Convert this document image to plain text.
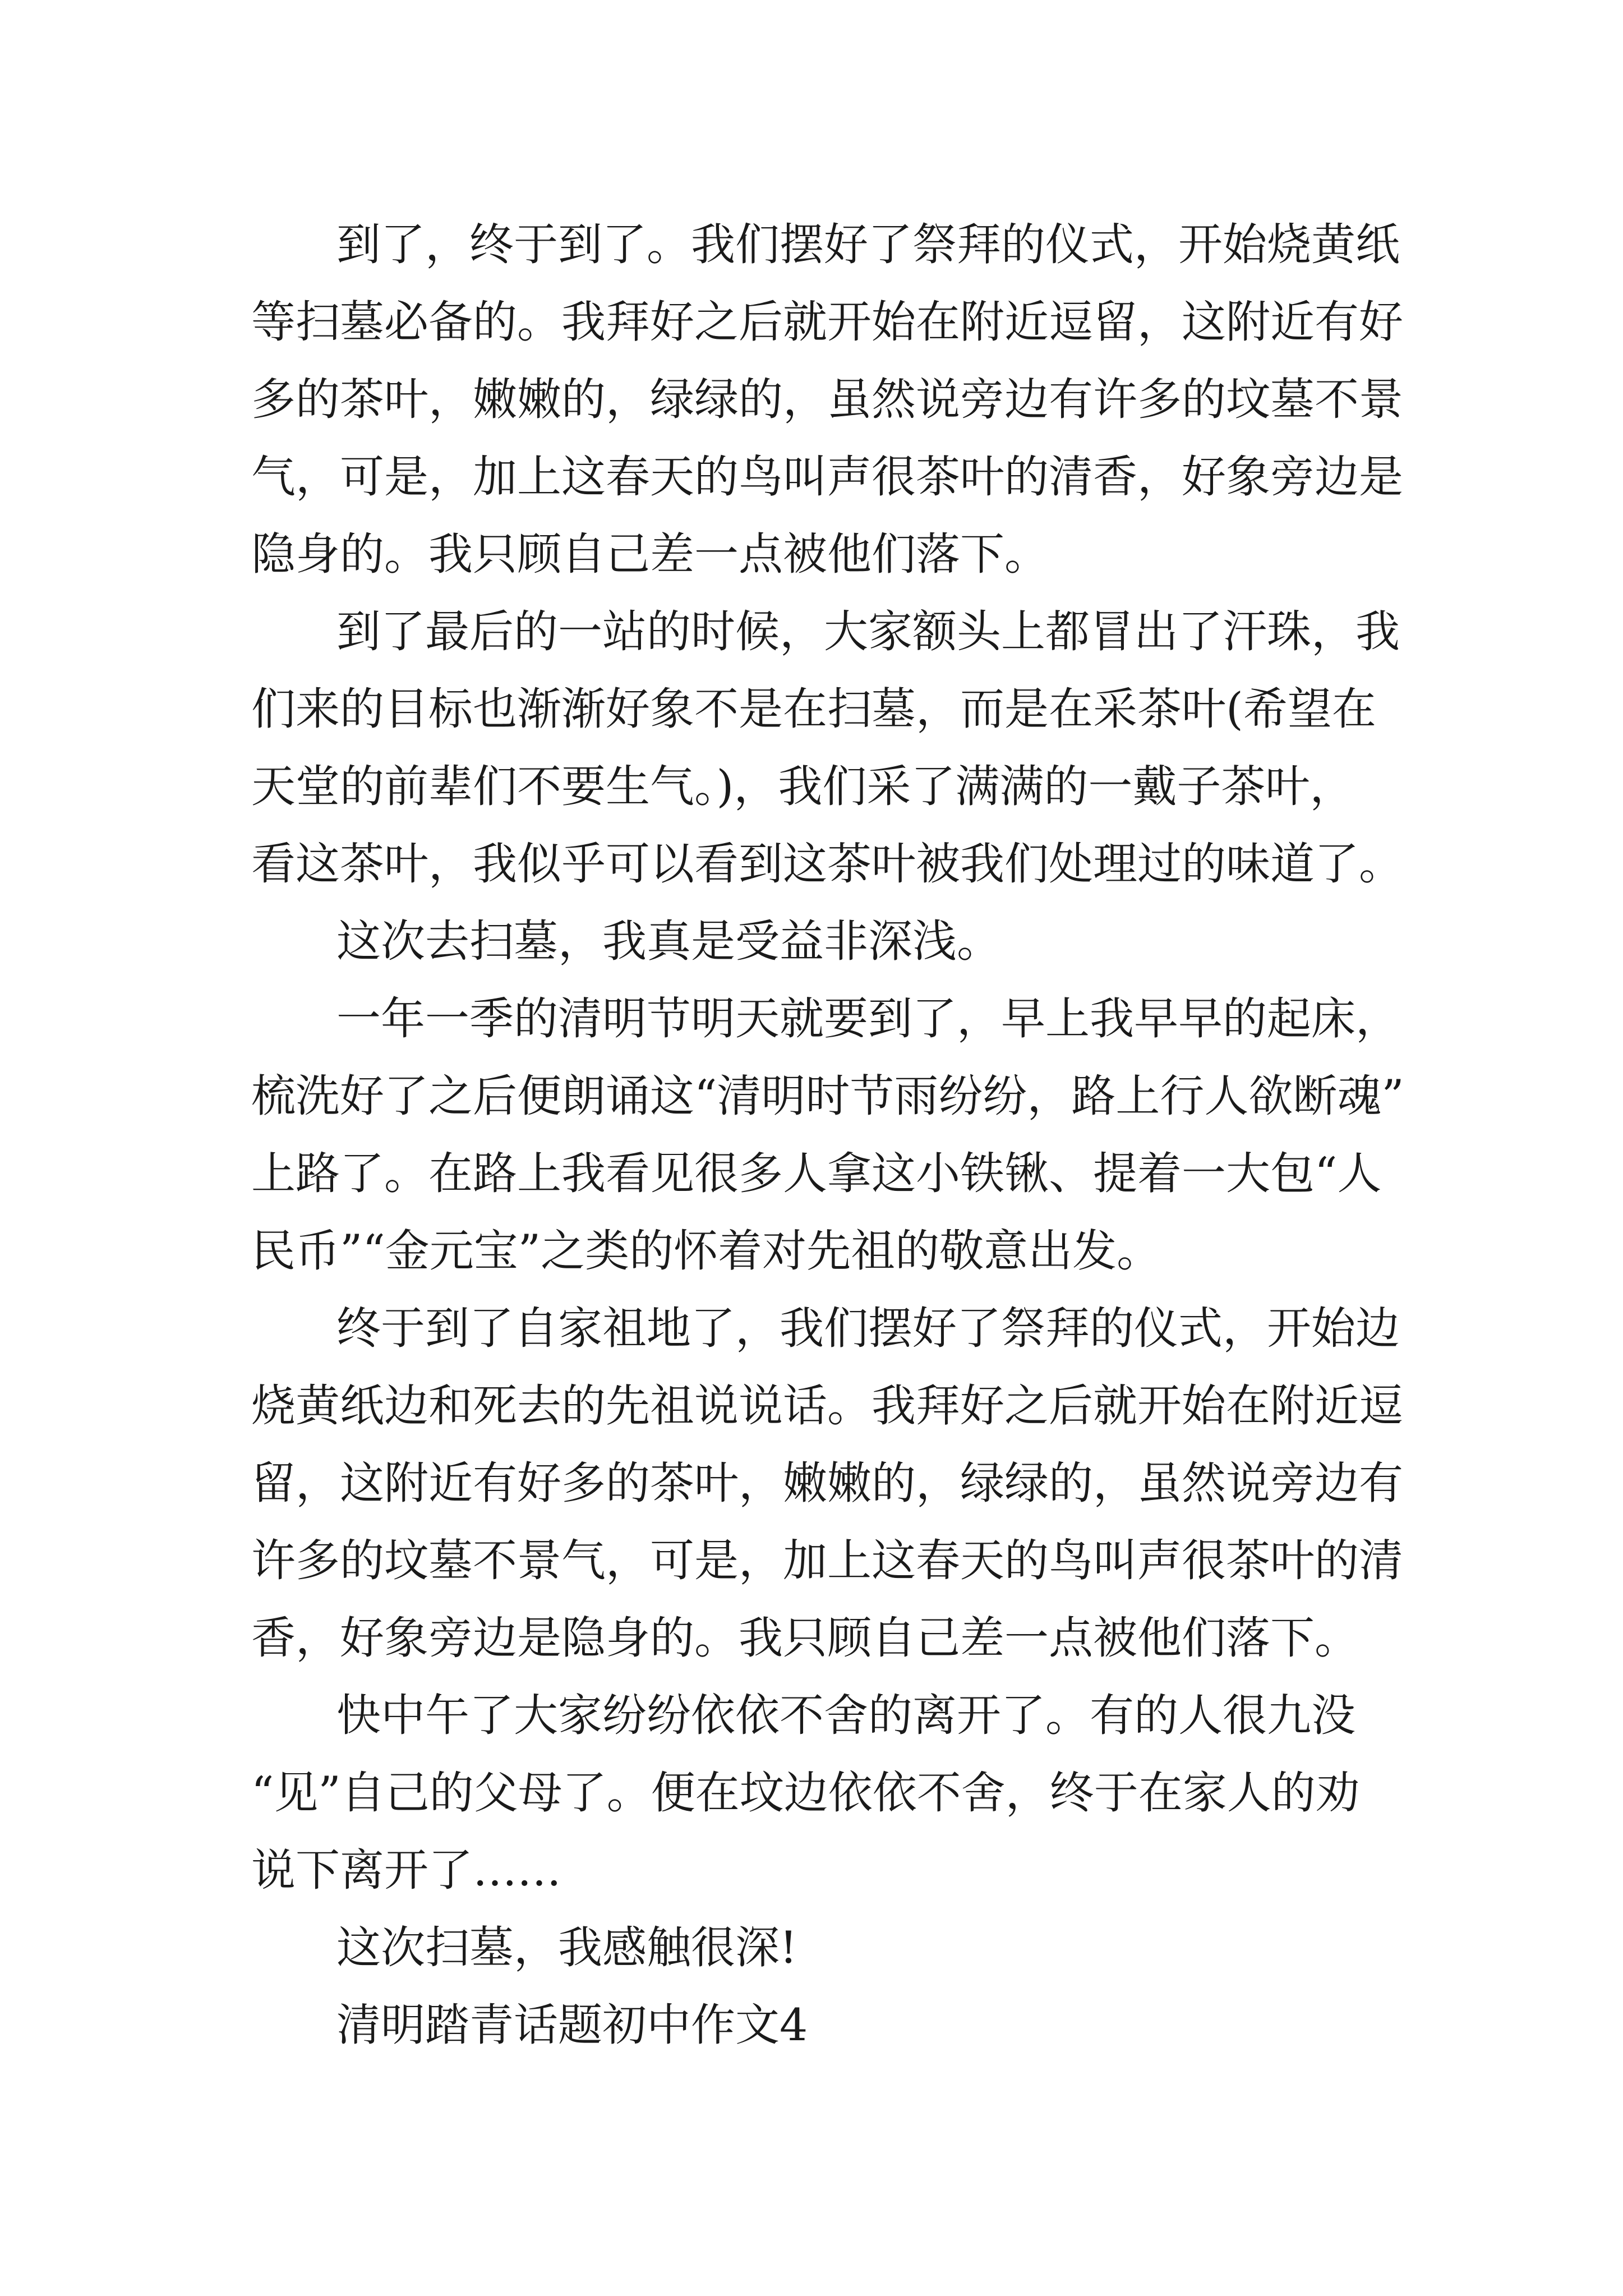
到了，终于到了。我们摆好了祭拜的仪式，开始烧黄纸
等扫墓必备的。我拜好之后就开始在附近逗留，这附近有好
多的茶叶，嫩嫩的，绿绿的，虽然说旁边有许多的坟墓不景
气，可是，加上这春天的鸟叫声很茶叶的清香，好象旁边是
隐身的。我只顾自己差一点被他们落下。
到了最后的一站的时候，大家额头上都冒出了汗珠，我
们来的目标也渐渐好象不是在扫墓，而是在采茶叶(希望在
天堂的前辈们不要生气。)，我们采了满满的一戴子茶叶，
看这茶叶，我似乎可以看到这茶叶被我们处理过的味道了。
这次去扫墓，我真是受益非深浅。
一年一季的清明节明天就要到了，早上我早早的起床，
梳洗好了之后便朗诵这“清明时节雨纷纷，路上行人欲断魂”
上路了。在路上我看见很多人拿这小铁锹、提着一大包“人
民币”“金元宝”之类的怀着对先祖的敬意出发。
终于到了自家祖地了，我们摆好了祭拜的仪式，开始边
烧黄纸边和死去的先祖说说话。我拜好之后就开始在附近逗
留，这附近有好多的茶叶，嫩嫩的，绿绿的，虽然说旁边有
许多的坟墓不景气，可是，加上这春天的鸟叫声很茶叶的清
香，好象旁边是隐身的。我只顾自己差一点被他们落下。
快中午了大家纷纷依依不舍的离开了。有的人很九没
“见”自己的父母了。便在坟边依依不舍，终于在家人的劝
说下离开了……
这次扫墓，我感触很深!
清明踏青话题初中作文4
